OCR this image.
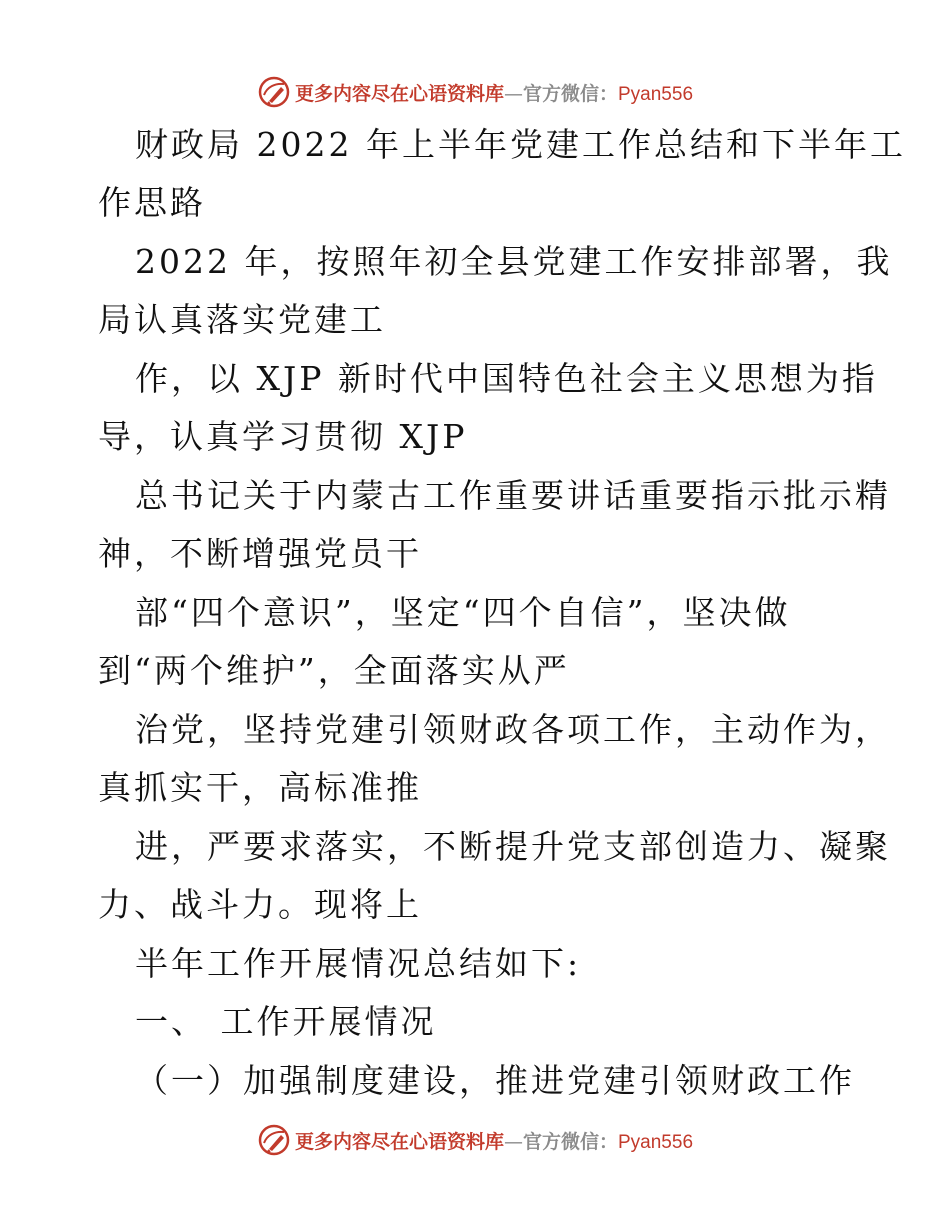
更多内容尽在心语资料库—官方微信：Pyan556
财政局 2022 年上半年党建工作总结和下半年工
作思路
2022 年，按照年初全县党建工作安排部署，我
局认真落实党建工
作，以 XJP 新时代中国特色社会主义思想为指
导，认真学习贯彻 XJP
总书记关于内蒙古工作重要讲话重要指示批示精
神，不断增强党员干
部“四个意识”，坚定“四个自信”，坚决做
到“两个维护”，全面落实从严
治党，坚持党建引领财政各项工作，主动作为，
真抓实干，高标准推
进，严要求落实，不断提升党支部创造力、凝聚
力、战斗力。现将上
半年工作开展情况总结如下:
一、 工作开展情况
（一）加强制度建设，推进党建引领财政工作
更多内容尽在心语资料库—官方微信：Pyan556
